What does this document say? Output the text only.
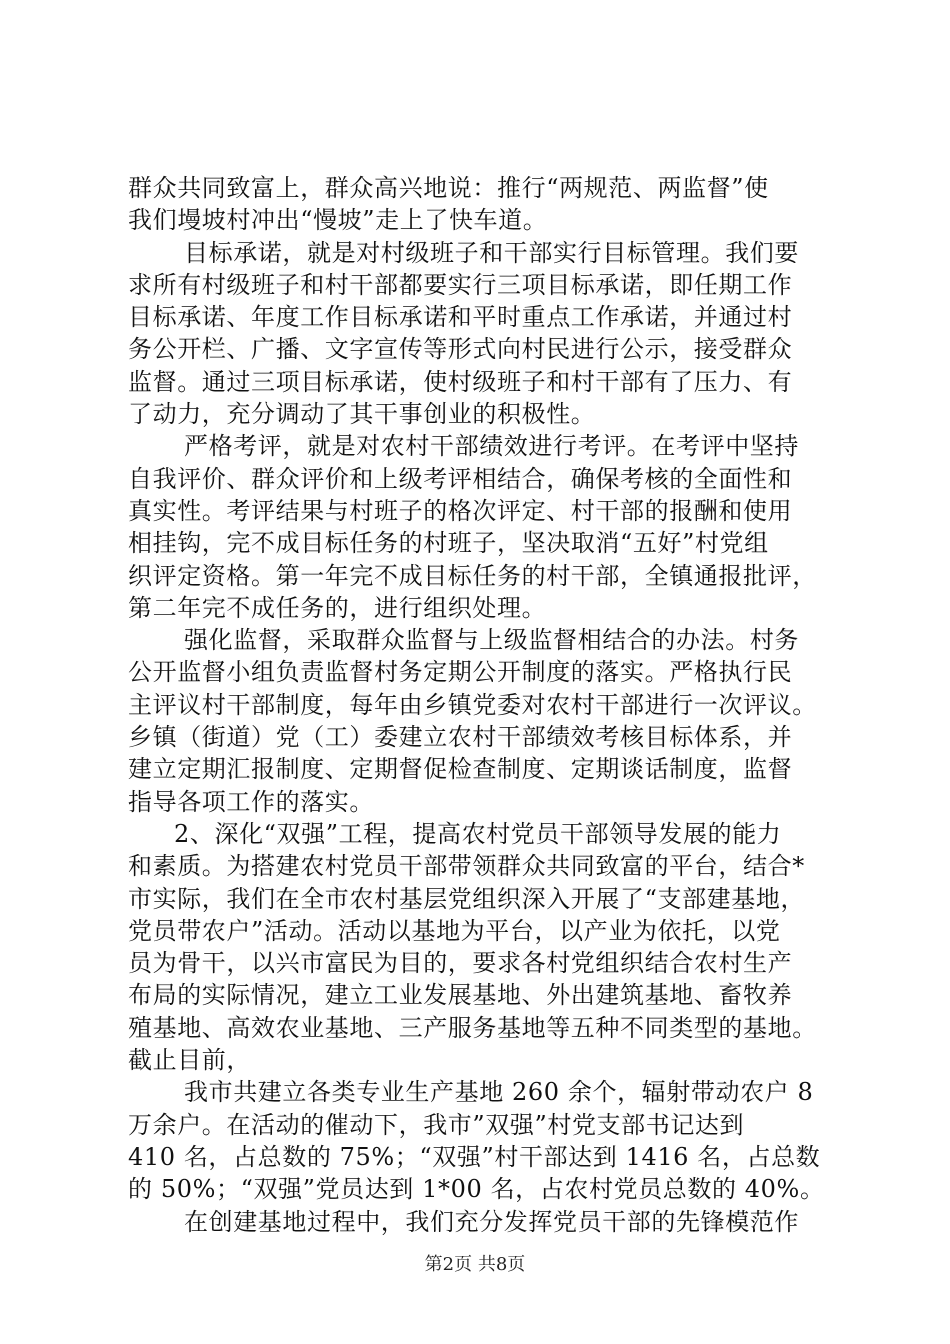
群众共同致富上，群众高兴地说：推行“两规范、两监督”使
我们墁坡村冲出“慢坡”走上了快车道。
目标承诺，就是对村级班子和干部实行目标管理。我们要
求所有村级班子和村干部都要实行三项目标承诺，即任期工作
目标承诺、年度工作目标承诺和平时重点工作承诺，并通过村
务公开栏、广播、文字宣传等形式向村民进行公示，接受群众
监督。通过三项目标承诺，使村级班子和村干部有了压力、有
了动力，充分调动了其干事创业的积极性。
严格考评，就是对农村干部绩效进行考评。在考评中坚持
自我评价、群众评价和上级考评相结合，确保考核的全面性和
真实性。考评结果与村班子的格次评定、村干部的报酬和使用
相挂钩，完不成目标任务的村班子，坚决取消“五好”村党组
织评定资格。第一年完不成目标任务的村干部，全镇通报批评，
第二年完不成任务的，进行组织处理。
强化监督，采取群众监督与上级监督相结合的办法。村务
公开监督小组负责监督村务定期公开制度的落实。严格执行民
主评议村干部制度，每年由乡镇党委对农村干部进行一次评议。
乡镇（街道）党（工）委建立农村干部绩效考核目标体系，并
建立定期汇报制度、定期督促检查制度、定期谈话制度，监督
指导各项工作的落实。
2、深化“双强”工程，提高农村党员干部领导发展的能力
和素质。为搭建农村党员干部带领群众共同致富的平台，结合*
市实际，我们在全市农村基层党组织深入开展了“支部建基地，
党员带农户”活动。活动以基地为平台，以产业为依托，以党
员为骨干，以兴市富民为目的，要求各村党组织结合农村生产
布局的实际情况，建立工业发展基地、外出建筑基地、畜牧养
殖基地、高效农业基地、三产服务基地等五种不同类型的基地。
截止目前，
我市共建立各类专业生产基地 260 余个，辐射带动农户 8
万余户。在活动的催动下，我市”双强”村党支部书记达到
410 名，占总数的 75%；“双强”村干部达到 1416 名，占总数
的 50%；“双强”党员达到 1*00 名，占农村党员总数的 40%。
在创建基地过程中，我们充分发挥党员干部的先锋模范作
第2页 共8页
